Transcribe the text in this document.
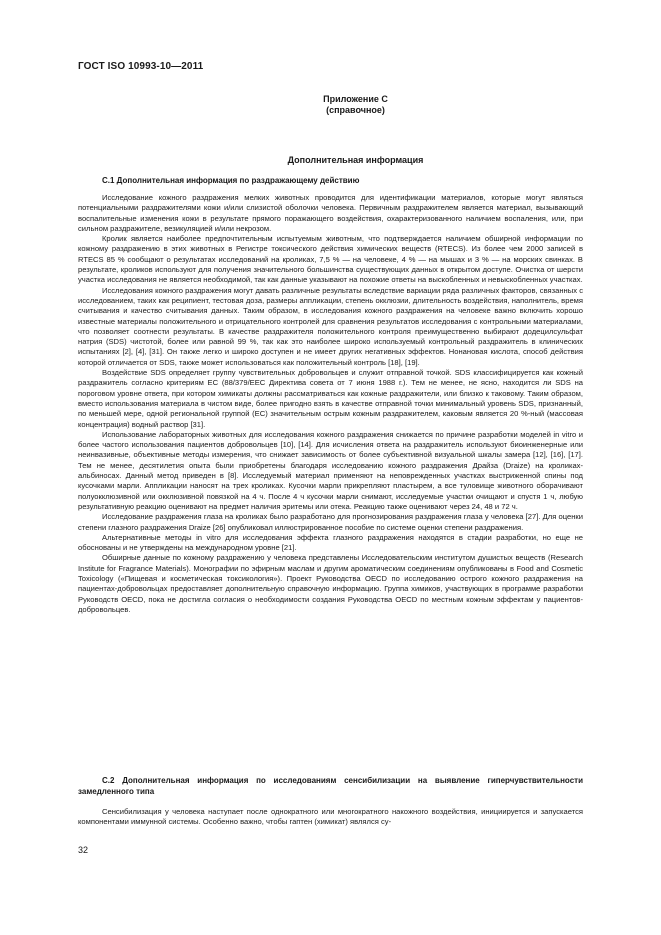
ГОСТ ISO 10993-10—2011
Приложение С
(справочное)
Дополнительная информация
С.1 Дополнительная информация по раздражающему действию

Исследование кожного раздражения мелких животных проводится для идентификации материалов, которые могут являться потенциальными раздражителями кожи и/или слизистой оболочки человека. Первичным раздражителем является материал, вызывающий воспалительные изменения кожи в результате прямого поражающего воздействия, охарактеризованного наличием воспаления, или, при сильном раздражителе, везикуляцией и/или некрозом.

Кролик является наиболее предпочтительным испытуемым животным, что подтверждается наличием обширной информации по кожному раздражению в этих животных в Регистре токсического действия химических веществ (RTECS). Из более чем 2000 записей в RTECS 85 % сообщают о результатах исследований на кроликах, 7,5 % — на человеке, 4 % — на мышах и 3 % — на морских свинках. В результате, кроликов используют для получения значительного большинства существующих данных в открытом доступе. Очистка от шерсти участка исследования не является необходимой, так как данные указывают на похожие ответы на выскобленных и невыскобленных участках.

Исследования кожного раздражения могут давать различные результаты вследствие вариации ряда различных факторов, связанных с исследованием, таких как реципиент, тестовая доза, размеры аппликации, степень окклюзии, длительность воздействия, наполнитель, время считывания и качество считывания данных. Таким образом, в исследования кожного раздражения на человеке важно включить хорошо известные материалы положительного и отрицательного контролей для сравнения результатов исследования с контрольными материалами, что позволяет соотнести результаты. В качестве раздражителя положительного контроля преимущественно выбирают додецилсульфат натрия (SDS) чистотой, более или равной 99 %, так как это наиболее широко используемый контрольный раздражитель в клинических испытаниях [2], [4], [31]. Он также легко и широко доступен и не имеет других негативных эффектов. Нонановая кислота, способ действия которой отличается от SDS, также может использоваться как положительный контроль [18], [19].

Воздействие SDS определяет группу чувствительных добровольцев и служит отправной точкой. SDS классифицируется как кожный раздражитель согласно критериям ЕС (88/379/EEC Директива совета от 7 июня 1988 г.). Тем не менее, не ясно, находится ли SDS на пороговом уровне ответа, при котором химикаты должны рассматриваться как кожные раздражители, или близко к таковому. Таким образом, вместо использования материала в чистом виде, более пригодно взять в качестве отправной точки минимальный уровень SDS, признанный, по меньшей мере, одной региональной группой (ЕС) значительным острым кожным раздражителем, каковым является 20 %-ный (массовая концентрация) водный раствор [31].

Использование лабораторных животных для исследования кожного раздражения снижается по причине разработки моделей in vitro и более частого использования пациентов добровольцев [10], [14]. Для исчисления ответа на раздражитель используют биоинженерные или неинвазивные, объективные методы измерения, что снижает зависимость от более субъективной визуальной шкалы замера [12], [16], [17]. Тем не менее, десятилетия опыта были приобретены благодаря исследованию кожного раздражения Драйза (Draize) на кроликах-альбиносах. Данный метод приведен в [8]. Исследуемый материал применяют на неповрежденных участках выстриженной спины под кусочками марли. Аппликации наносят на трех кроликах. Кусочки марли прикрепляют пластырем, а все туловище животного оборачивают полуокклюзивной или окклюзивной повязкой на 4 ч. После 4 ч кусочки марли снимают, исследуемые участки очищают и спустя 1 ч, любую результативную реакцию оценивают на предмет наличия эритемы или отека. Реакцию также оценивают через 24, 48 и 72 ч.

Исследование раздражения глаза на кроликах было разработано для прогнозирования раздражения глаза у человека [27]. Для оценки степени глазного раздражения Draize [26] опубликовал иллюстрированное пособие по системе оценки степени раздражения.

Альтернативные методы in vitro для исследования эффекта глазного раздражения находятся в стадии разработки, но еще не обоснованы и не утверждены на международном уровне [21].

Обширные данные по кожному раздражению у человека представлены Исследовательским институтом душистых веществ (Research Institute for Fragrance Materials). Монографии по эфирным маслам и другим ароматическим соединениям опубликованы в Food and Cosmetic Toxicology («Пищевая и косметическая токсикология»). Проект Руководства OECD по исследованию острого кожного раздражения на пациентах-добровольцах предоставляет дополнительную справочную информацию. Группа химиков, участвующих в программе разработки Руководств OECD, пока не достигла согласия о необходимости создания Руководства OECD по местным кожным эффектам у пациентов-добровольцев.

С.2 Дополнительная информация по исследованиям сенсибилизации на выявление гиперчувствительности замедленного типа

Сенсибилизация у человека наступает после однократного или многократного накожного воздействия, инициируется и запускается компонентами иммунной системы. Особенно важно, чтобы гаптен (химикат) являлся су-

32
